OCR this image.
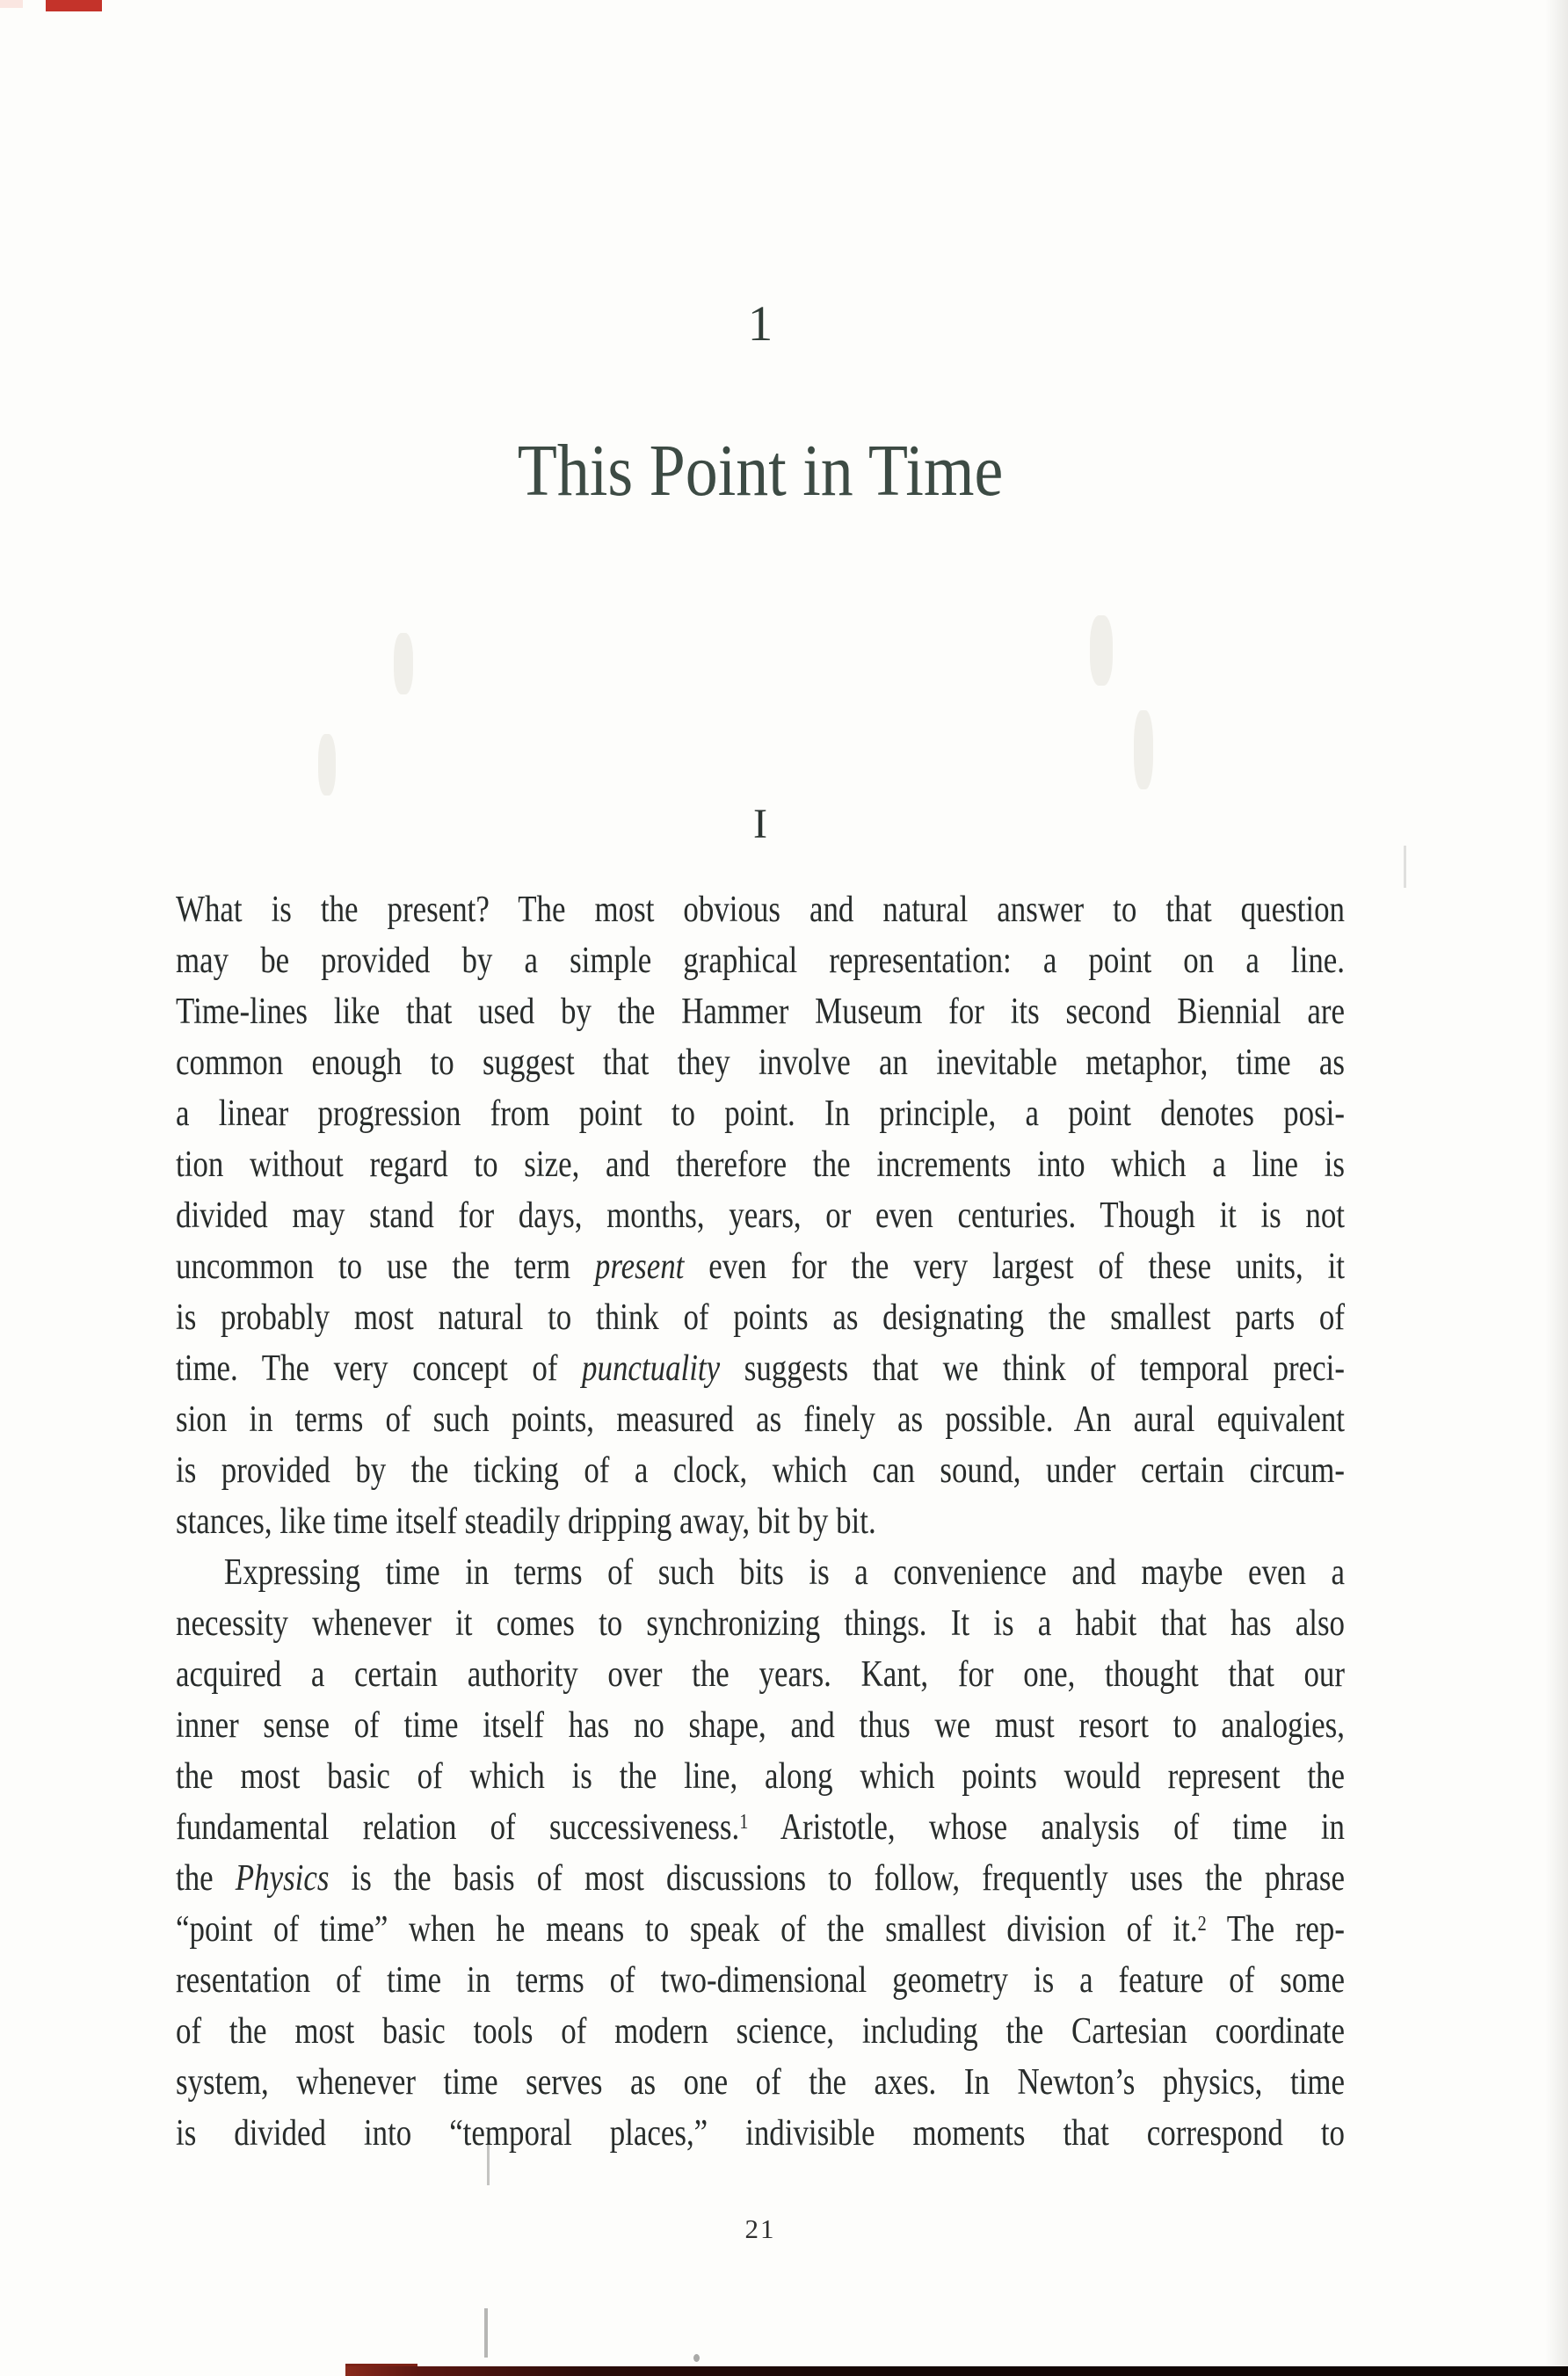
1
This Point in Time
I
What is the present? The most obvious and natural answer to that question
may be provided by a simple graphical representation: a point on a line.
Time-lines like that used by the Hammer Museum for its second Biennial are
common enough to suggest that they involve an inevitable metaphor, time as
a linear progression from point to point. In principle, a point denotes posi-
tion without regard to size, and therefore the increments into which a line is
divided may stand for days, months, years, or even centuries. Though it is not
uncommon to use the term present even for the very largest of these units, it
is probably most natural to think of points as designating the smallest parts of
time. The very concept of punctuality suggests that we think of temporal preci-
sion in terms of such points, measured as finely as possible. An aural equivalent
is provided by the ticking of a clock, which can sound, under certain circum-
stances, like time itself steadily dripping away, bit by bit.
Expressing time in terms of such bits is a convenience and maybe even a
necessity whenever it comes to synchronizing things. It is a habit that has also
acquired a certain authority over the years. Kant, for one, thought that our
inner sense of time itself has no shape, and thus we must resort to analogies,
the most basic of which is the line, along which points would represent the
fundamental relation of successiveness.$^1$ Aristotle, whose analysis of time in
the Physics is the basis of most discussions to follow, frequently uses the phrase
“point of time” when he means to speak of the smallest division of it.$^2$ The rep-
resentation of time in terms of two-dimensional geometry is a feature of some
of the most basic tools of modern science, including the Cartesian coordinate
system, whenever time serves as one of the axes. In Newton’s physics, time
is divided into “temporal places,” indivisible moments that correspond to
21
